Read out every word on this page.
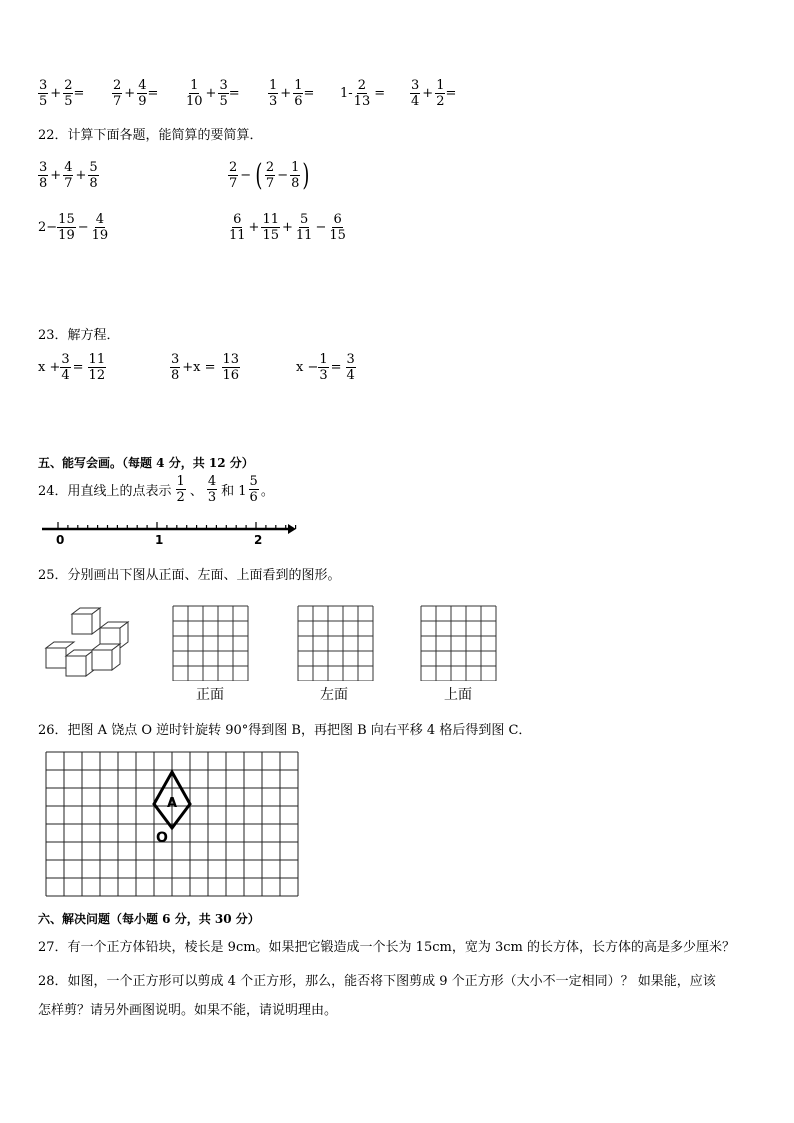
$\frac{3}{5} + \frac{2}{5} = \frac{2}{7} + \frac{4}{9} = \frac{1}{10} + \frac{3}{5} = \frac{1}{3} + \frac{1}{6} = 1- \frac{2}{13} = \frac{3}{4} + \frac{1}{2}$ =
22．计算下面各题，能简算的要简算．
$\frac{3}{8} + \frac{4}{7} + \frac{5}{8}$	$\frac{2}{7}$ − ( $\frac{2}{7} - \frac{1}{8}$ )
$2- \frac{15}{19} - \frac{4}{19}$	$\frac{6}{11} + \frac{11}{15} + \frac{5}{11} - \frac{6}{15}$
23．解方程．
$x + \frac{3}{4} = \frac{11}{12}$	$\frac{3}{8} +x = \frac{13}{16}$	$x - \frac{1}{3} = \frac{3}{4}$
五、能写会画。（每题 4 分，共 12 分）
24．用直线上的点表示 $\frac{1}{2}$ 、 $\frac{4}{3}$ 和 $1 \frac{5}{6}$ 。
0	1	2
25．分别画出下图从正面、左面、上面看到的图形。
正面	左面	上面
26．把图 A 饶点 O 逆时针旋转 90°得到图 B，再把图 B 向右平移 4 格后得到图 C．
A
O
六、解决问题（每小题 6 分，共 30 分）
27．有一个正方体铅块，棱长是 9cm。如果把它锻造成一个长为 15cm，宽为 3cm 的长方体，长方体的高是多少厘米？
28．如图，一个正方形可以剪成 4 个正方形，那么，能否将下图剪成 9 个正方形（大小不一定相同）？ 如果能，应该
怎样剪？请另外画图说明。如果不能，请说明理由。
